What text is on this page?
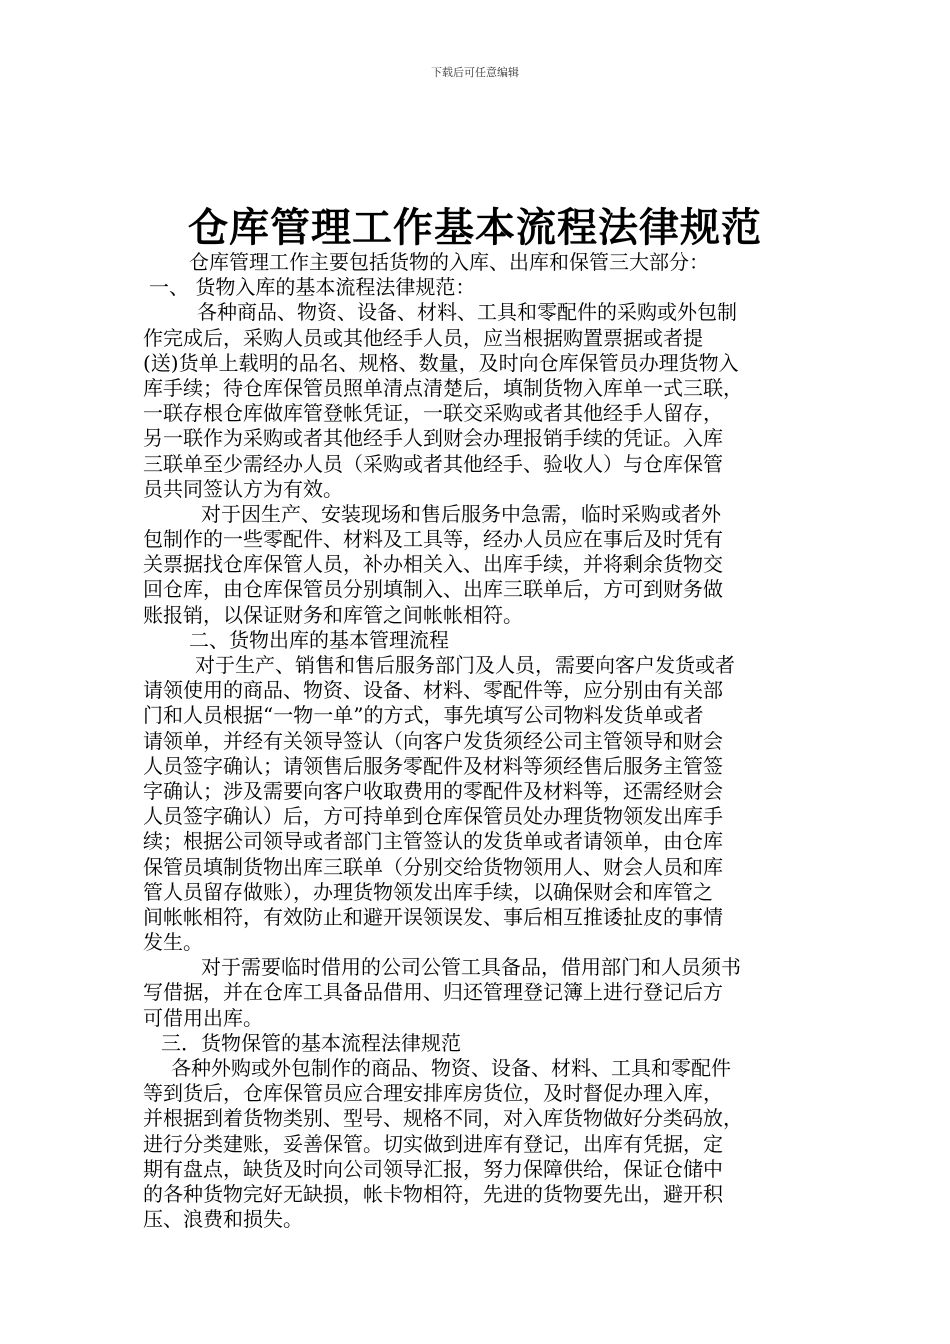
下载后可任意编辑
仓库管理工作基本流程法律规范
仓库管理工作主要包括货物的入库、出库和保管三大部分：
一、 货物入库的基本流程法律规范：
各种商品、物资、设备、材料、工具和零配件的采购或外包制
作完成后，采购人员或其他经手人员，应当根据购置票据或者提
(送)货单上载明的品名、规格、数量，及时向仓库保管员办理货物入
库手续；待仓库保管员照单清点清楚后，填制货物入库单一式三联，
一联存根仓库做库管登帐凭证，一联交采购或者其他经手人留存，
另一联作为采购或者其他经手人到财会办理报销手续的凭证。入库
三联单至少需经办人员（采购或者其他经手、验收人）与仓库保管
员共同签认方为有效。
对于因生产、安装现场和售后服务中急需，临时采购或者外
包制作的一些零配件、材料及工具等，经办人员应在事后及时凭有
关票据找仓库保管人员，补办相关入、出库手续，并将剩余货物交
回仓库，由仓库保管员分别填制入、出库三联单后，方可到财务做
账报销，以保证财务和库管之间帐帐相符。
二、货物出库的基本管理流程
对于生产、销售和售后服务部门及人员，需要向客户发货或者
请领使用的商品、物资、设备、材料、零配件等，应分别由有关部
门和人员根据“一物一单”的方式，事先填写公司物料发货单或者
请领单，并经有关领导签认（向客户发货须经公司主管领导和财会
人员签字确认；请领售后服务零配件及材料等须经售后服务主管签
字确认；涉及需要向客户收取费用的零配件及材料等，还需经财会
人员签字确认）后，方可持单到仓库保管员处办理货物领发出库手
续；根据公司领导或者部门主管签认的发货单或者请领单，由仓库
保管员填制货物出库三联单（分别交给货物领用人、财会人员和库
管人员留存做账），办理货物领发出库手续，以确保财会和库管之
间帐帐相符，有效防止和避开误领误发、事后相互推诿扯皮的事情
发生。
对于需要临时借用的公司公管工具备品，借用部门和人员须书
写借据，并在仓库工具备品借用、归还管理登记簿上进行登记后方
可借用出库。
三．货物保管的基本流程法律规范
各种外购或外包制作的商品、物资、设备、材料、工具和零配件
等到货后，仓库保管员应合理安排库房货位，及时督促办理入库，
并根据到着货物类别、型号、规格不同，对入库货物做好分类码放，
进行分类建账，妥善保管。切实做到进库有登记，出库有凭据，定
期有盘点，缺货及时向公司领导汇报，努力保障供给，保证仓储中
的各种货物完好无缺损，帐卡物相符，先进的货物要先出，避开积
压、浪费和损失。
